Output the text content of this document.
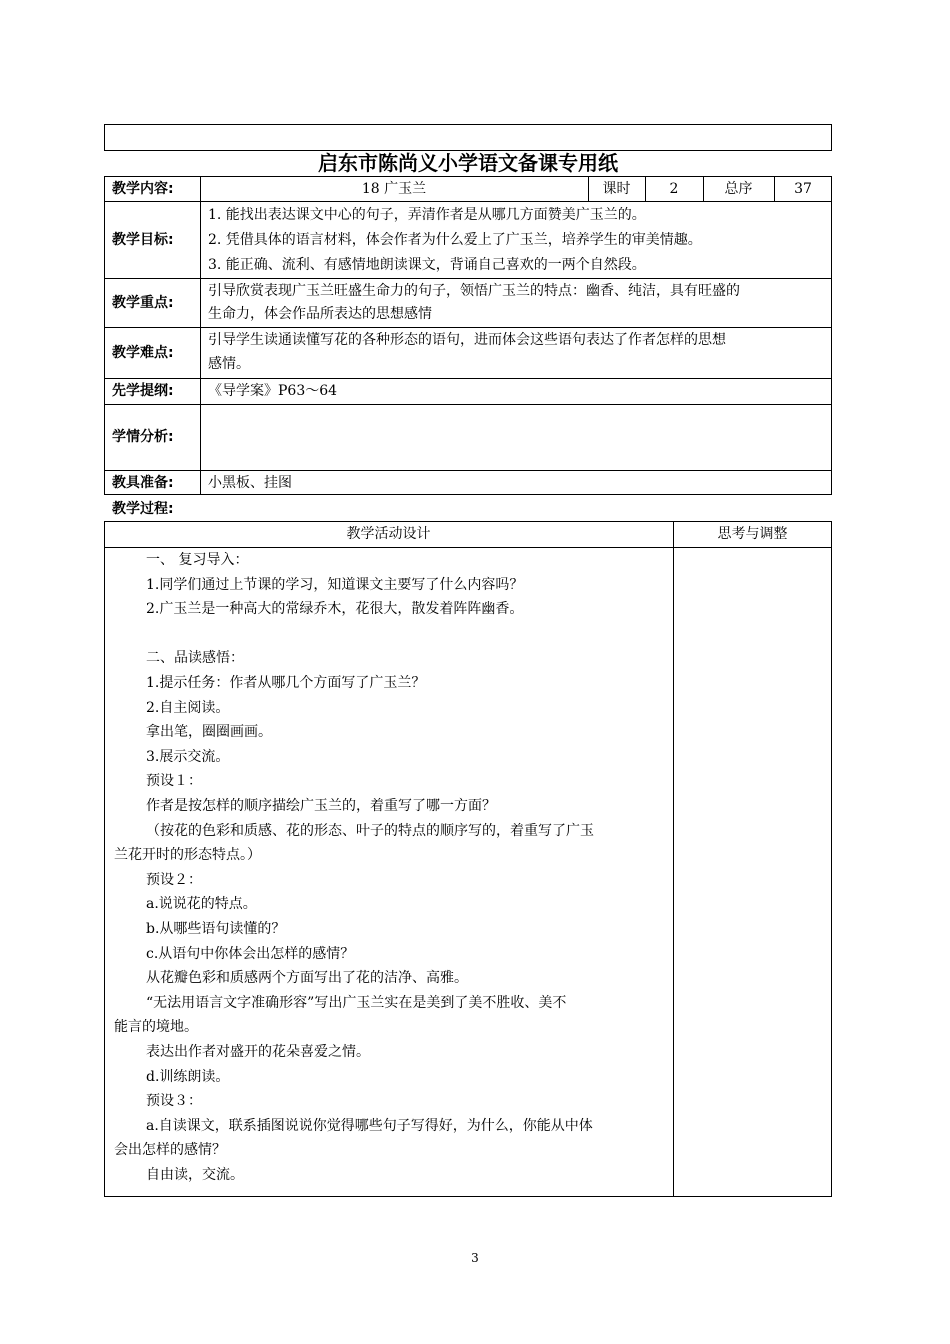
启东市陈尚义小学语文备课专用纸
教学内容:	18 广玉兰	课时	2	总序	37
教学目标:
1. 能找出表达课文中心的句子，弄清作者是从哪几方面赞美广玉兰的。
2. 凭借具体的语言材料，体会作者为什么爱上了广玉兰，培养学生的审美情趣。
3. 能正确、流利、有感情地朗读课文，背诵自己喜欢的一两个自然段。
教学重点:
引导欣赏表现广玉兰旺盛生命力的句子，领悟广玉兰的特点：幽香、纯洁，具有旺盛的
生命力，体会作品所表达的思想感情
教学难点:
引导学生读通读懂写花的各种形态的语句，进而体会这些语句表达了作者怎样的思想
感情。
先学提纲: 《导学案》P63～64
学情分析:
教具准备: 小黑板、挂图
教学过程:
教学活动设计	思考与调整
一、 复习导入：
1.同学们通过上节课的学习，知道课文主要写了什么内容吗？
2.广玉兰是一种高大的常绿乔木，花很大，散发着阵阵幽香。
二、品读感悟：
1.提示任务：作者从哪几个方面写了广玉兰？
2.自主阅读。
拿出笔，圈圈画画。
3.展示交流。
预设１：
作者是按怎样的顺序描绘广玉兰的，着重写了哪一方面？
（按花的色彩和质感、花的形态、叶子的特点的顺序写的，着重写了广玉
兰花开时的形态特点。）
预设２：
a.说说花的特点。
b.从哪些语句读懂的？
c.从语句中你体会出怎样的感情？
从花瓣色彩和质感两个方面写出了花的洁净、高雅。
“无法用语言文字准确形容”写出广玉兰实在是美到了美不胜收、美不
能言的境地。
表达出作者对盛开的花朵喜爱之情。
d.训练朗读。
预设３：
a.自读课文，联系插图说说你觉得哪些句子写得好，为什么，你能从中体
会出怎样的感情？
自由读，交流。
3
